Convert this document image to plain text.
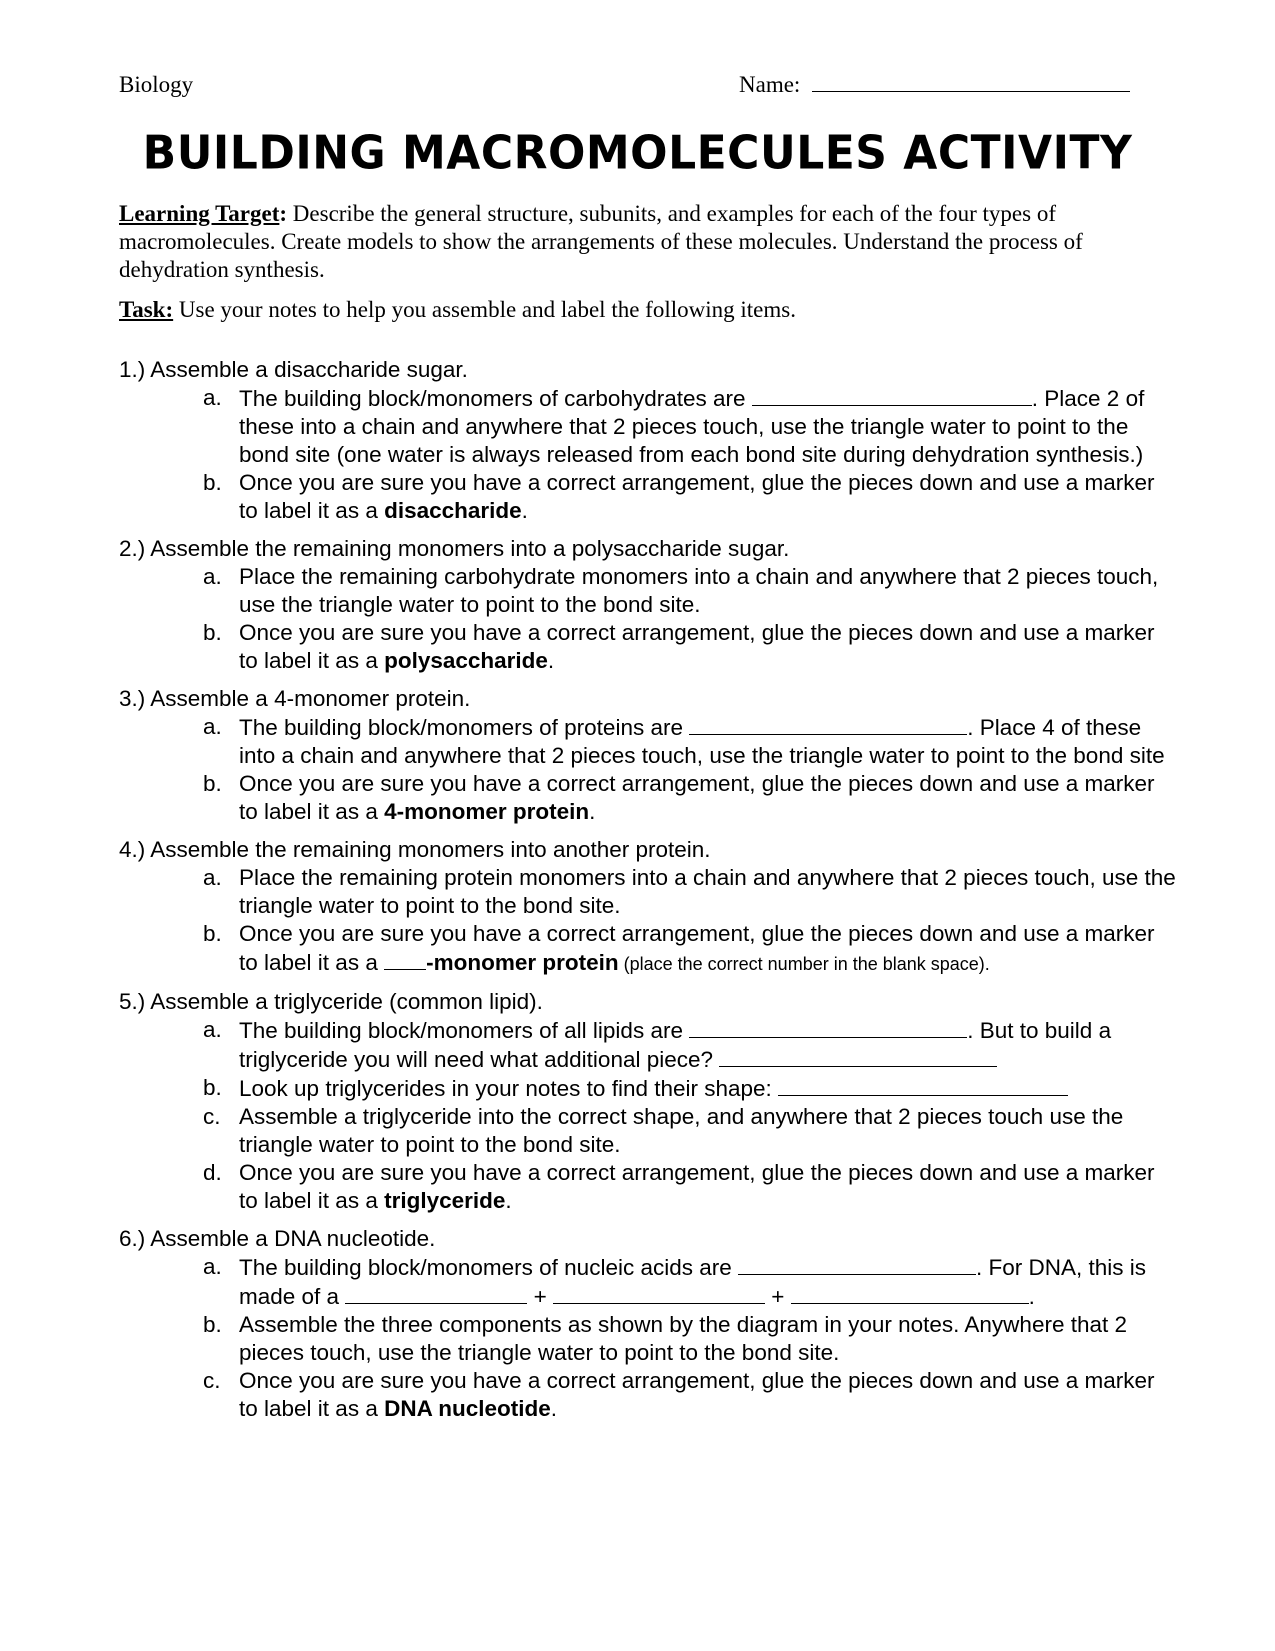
Biology	Name:
BUILDING MACROMOLECULES ACTIVITY

Learning Target: Describe the general structure, subunits, and examples for each of the four types of macromolecules. Create models to show the arrangements of these molecules. Understand the process of dehydration synthesis.

Task: Use your notes to help you assemble and label the following items.

1.) Assemble a disaccharide sugar.
a. The building block/monomers of carbohydrates are	. Place 2 of these into a chain and anywhere that 2 pieces touch, use the triangle water to point to the bond site (one water is always released from each bond site during dehydration synthesis.)
b. Once you are sure you have a correct arrangement, glue the pieces down and use a marker to label it as a disaccharide.
2.) Assemble the remaining monomers into a polysaccharide sugar.
a. Place the remaining carbohydrate monomers into a chain and anywhere that 2 pieces touch, use the triangle water to point to the bond site.
b. Once you are sure you have a correct arrangement, glue the pieces down and use a marker to label it as a polysaccharide.
3.) Assemble a 4-monomer protein.
a. The building block/monomers of proteins are	. Place 4 of these into a chain and anywhere that 2 pieces touch, use the triangle water to point to the bond site
b. Once you are sure you have a correct arrangement, glue the pieces down and use a marker to label it as a 4-monomer protein.
4.) Assemble the remaining monomers into another protein.
a. Place the remaining protein monomers into a chain and anywhere that 2 pieces touch, use the triangle water to point to the bond site.
b. Once you are sure you have a correct arrangement, glue the pieces down and use a marker to label it as a -monomer protein (place the correct number in the blank space).
5.) Assemble a triglyceride (common lipid).
a. The building block/monomers of all lipids are	. But to build a triglyceride you will need what additional piece?
b. Look up triglycerides in your notes to find their shape:
c. Assemble a triglyceride into the correct shape, and anywhere that 2 pieces touch use the triangle water to point to the bond site.
d. Once you are sure you have a correct arrangement, glue the pieces down and use a marker to label it as a triglyceride.
6.) Assemble a DNA nucleotide.
a. The building block/monomers of nucleic acids are	. For DNA, this is made of a	+	+	.
b. Assemble the three components as shown by the diagram in your notes. Anywhere that 2 pieces touch, use the triangle water to point to the bond site.
c. Once you are sure you have a correct arrangement, glue the pieces down and use a marker to label it as a DNA nucleotide.
